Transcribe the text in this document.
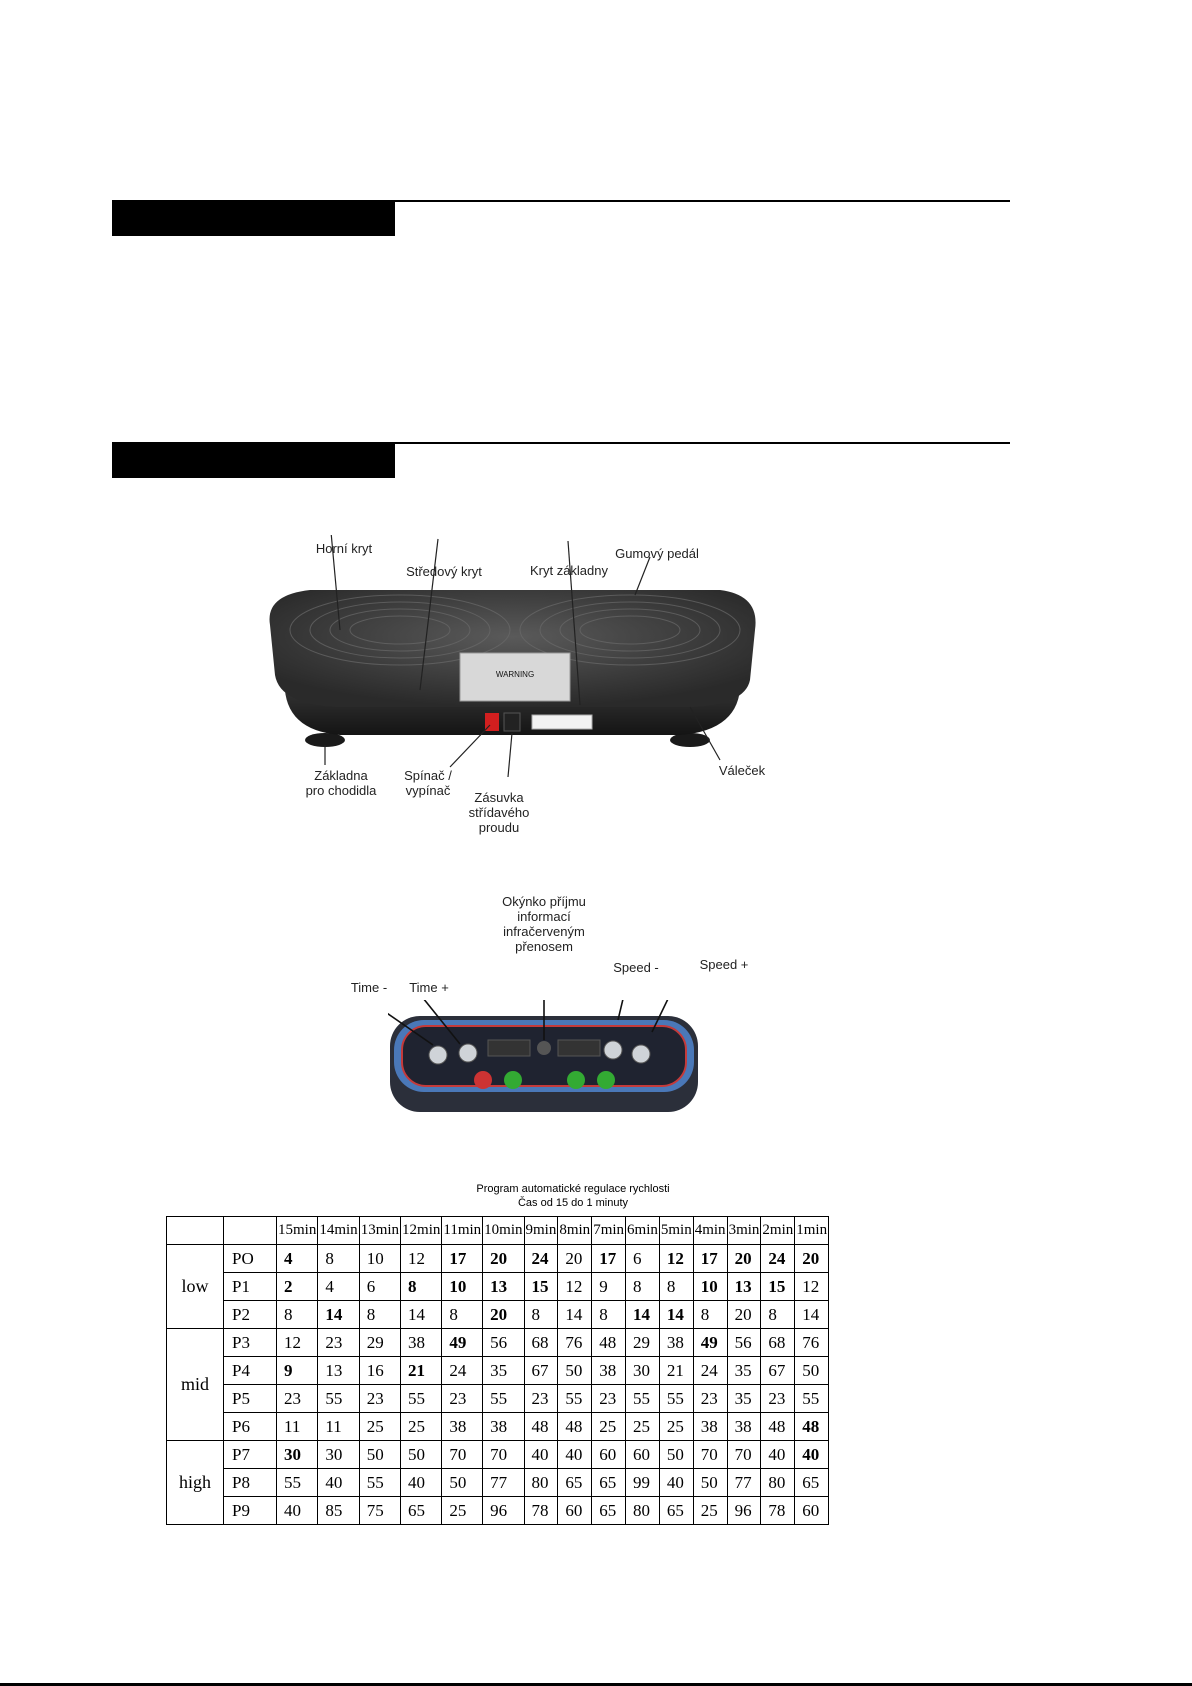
WARNING
Horní kryt
Středový kryt	Kryt základny
Gumový pedál
Základna
pro chodidla
Spínač /
vypínač	Zásuvka
střídavého
proudu
Váleček
Okýnko příjmu
informací
infračerveným
přenosem
Time -	Time +
Speed -	Speed +
Program automatické regulace rychlosti
Čas od 15 do 1 minuty
		15min	14min	13min	12min	11min	10min	9min	8min	7min	6min	5min	4min	3min	2min	1min
low	PO	4	8	10	12	17	20	24	20	17	6	12	17	20	24	20
	P1	2	4	6	8	10	13	15	12	9	8	8	10	13	15	12
	P2	8	14	8	14	8	20	8	14	8	14	14	8	20	8	14
mid	P3	12	23	29	38	49	56	68	76	48	29	38	49	56	68	76
	P4	9	13	16	21	24	35	67	50	38	30	21	24	35	67	50
	P5	23	55	23	55	23	55	23	55	23	55	55	23	35	23	55
	P6	11	11	25	25	38	38	48	48	25	25	25	38	38	48	48
high	P7	30	30	50	50	70	70	40	40	60	60	50	70	70	40	40
	P8	55	40	55	40	50	77	80	65	65	99	40	50	77	80	65
	P9	40	85	75	65	25	96	78	60	65	80	65	25	96	78	60
